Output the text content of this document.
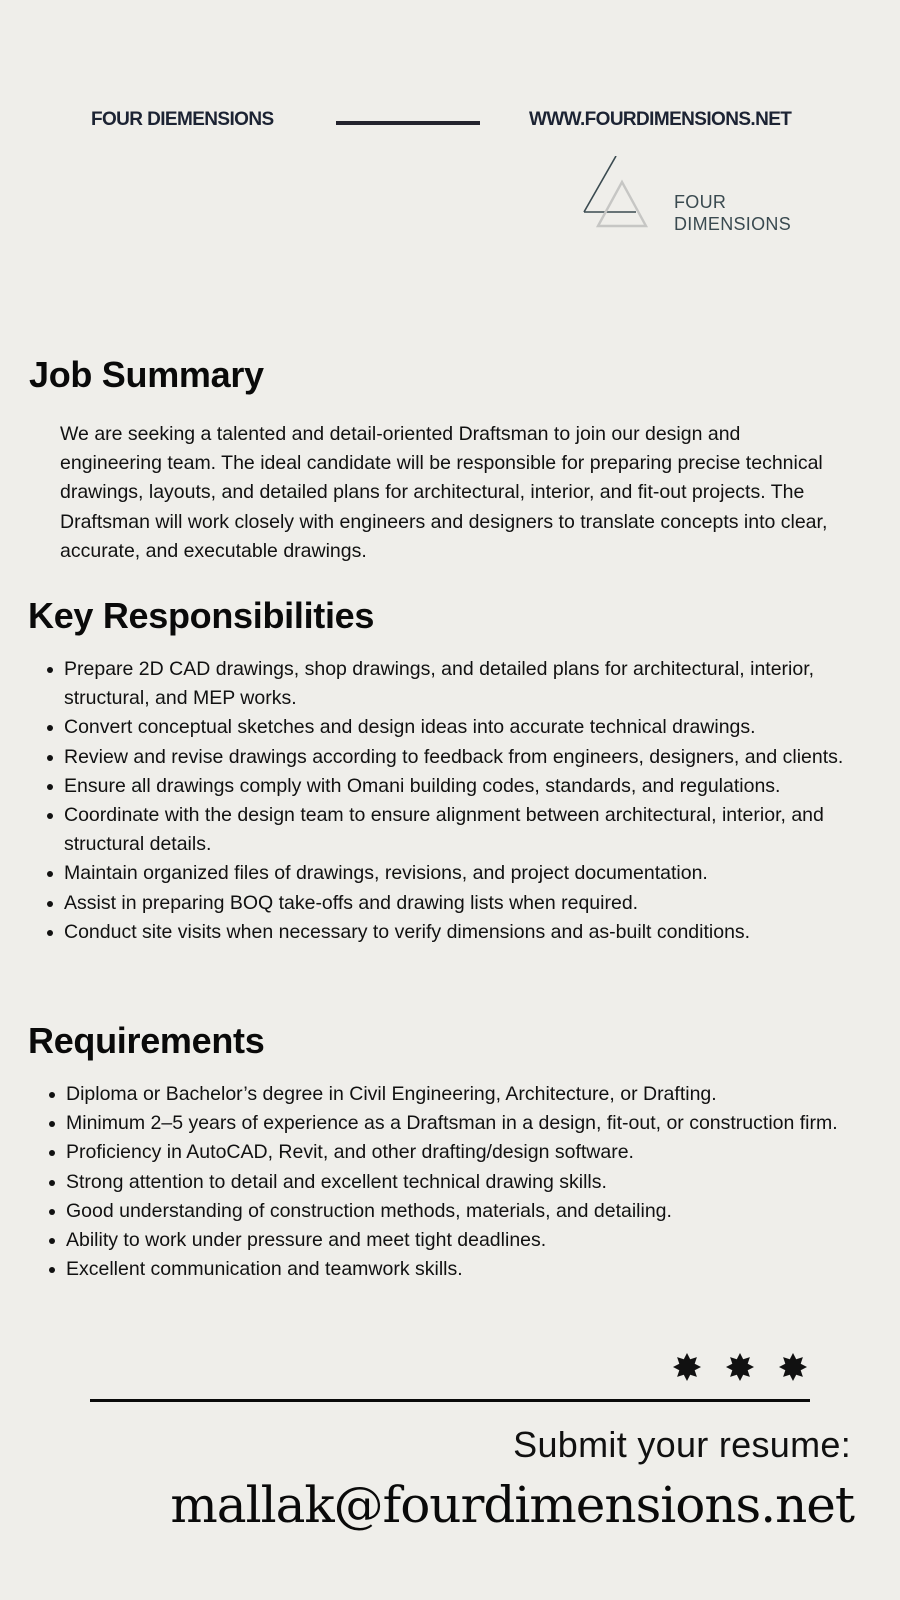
FOUR DIEMENSIONS	WWW.FOURDIMENSIONS.NET

FOUR
DIMENSIONS
Job Summary

We are seeking a talented and detail-oriented Draftsman to join our design and engineering team. The ideal candidate will be responsible for preparing precise technical drawings, layouts, and detailed plans for architectural, interior, and fit-out projects. The Draftsman will work closely with engineers and designers to translate concepts into clear, accurate, and executable drawings.

Key Responsibilities
Prepare 2D CAD drawings, shop drawings, and detailed plans for architectural, interior, structural, and MEP works.
Convert conceptual sketches and design ideas into accurate technical drawings.
Review and revise drawings according to feedback from engineers, designers, and clients.
Ensure all drawings comply with Omani building codes, standards, and regulations.
Coordinate with the design team to ensure alignment between architectural, interior, and structural details.
Maintain organized files of drawings, revisions, and project documentation.
Assist in preparing BOQ take-offs and drawing lists when required.
Conduct site visits when necessary to verify dimensions and as-built conditions.
Requirements
Diploma or Bachelor’s degree in Civil Engineering, Architecture, or Drafting.
Minimum 2–5 years of experience as a Draftsman in a design, fit-out, or construction firm.
Proficiency in AutoCAD, Revit, and other drafting/design software.
Strong attention to detail and excellent technical drawing skills.
Good understanding of construction methods, materials, and detailing.
Ability to work under pressure and meet tight deadlines.
Excellent communication and teamwork skills.

Submit your resume:

mallak@fourdimensions.net
